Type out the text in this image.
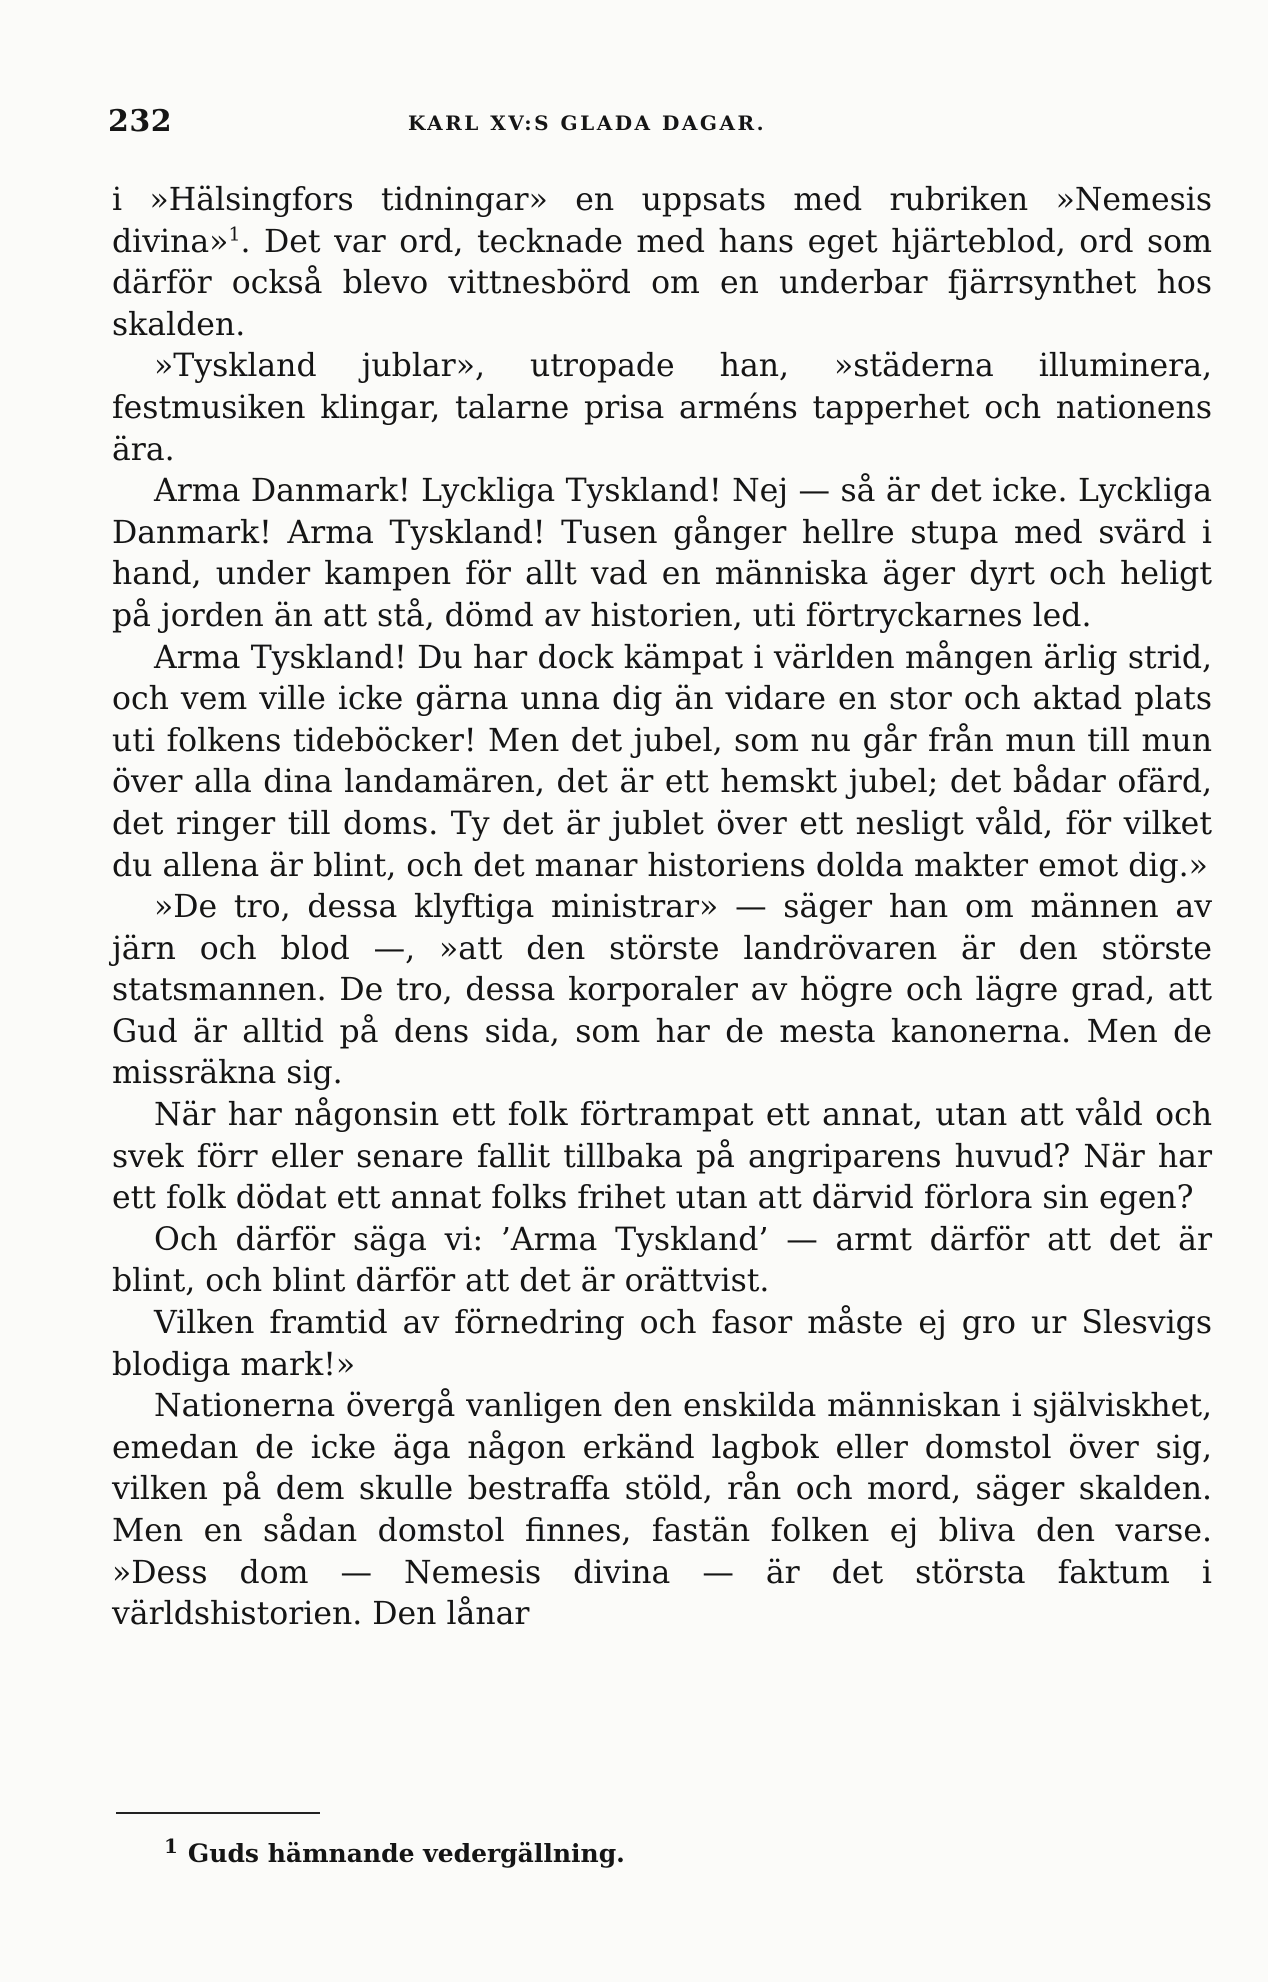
232	KARL XV:S GLADA DAGAR.

i »Hälsingfors tidningar» en uppsats med rubriken »Nemesis divina»$^1$. Det var ord, tecknade med hans eget hjärteblod, ord som därför också blevo vittnesbörd om en underbar fjärrsynthet hos skalden.

»Tyskland jublar», utropade han, »städerna illuminera, festmusiken klingar, talarne prisa arméns tapperhet och nationens ära.

Arma Danmark! Lyckliga Tyskland! Nej — så är det icke. Lyckliga Danmark! Arma Tyskland! Tusen gånger hellre stupa med svärd i hand, under kampen för allt vad en människa äger dyrt och heligt på jorden än att stå, dömd av historien, uti förtryckarnes led.

Arma Tyskland! Du har dock kämpat i världen mången ärlig strid, och vem ville icke gärna unna dig än vidare en stor och aktad plats uti folkens tideböcker! Men det jubel, som nu går från mun till mun över alla dina landamären, det är ett hemskt jubel; det bådar ofärd, det ringer till doms. Ty det är jublet över ett nesligt våld, för vilket du allena är blint, och det manar historiens dolda makter emot dig.»

»De tro, dessa klyftiga ministrar» — säger han om männen av järn och blod —, »att den störste landrövaren är den störste statsmannen. De tro, dessa korporaler av högre och lägre grad, att Gud är alltid på dens sida, som har de mesta kanonerna. Men de missräkna sig.

När har någonsin ett folk förtrampat ett annat, utan att våld och svek förr eller senare fallit tillbaka på angriparens huvud? När har ett folk dödat ett annat folks frihet utan att därvid förlora sin egen?

Och därför säga vi: ’Arma Tyskland’ — armt därför att det är blint, och blint därför att det är orättvist.

Vilken framtid av förnedring och fasor måste ej gro ur Slesvigs blodiga mark!»

Nationerna övergå vanligen den enskilda människan i själviskhet, emedan de icke äga någon erkänd lagbok eller domstol över sig, vilken på dem skulle bestraffa stöld, rån och mord, säger skalden. Men en sådan domstol finnes, fastän folken ej bliva den varse. »Dess dom — Nemesis divina — är det största faktum i världshistorien. Den lånar

$^1$ Guds hämnande vedergällning.
